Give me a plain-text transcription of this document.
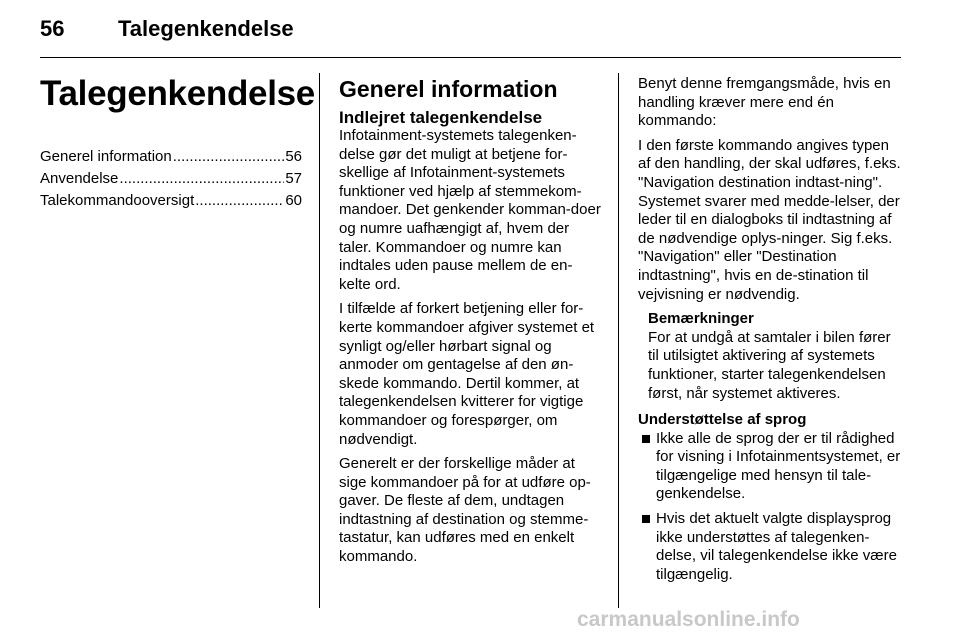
56 Talegenkendelse
Talegenkendelse
Generel information .....	56
Anvendelse .....	57
Talekommandooversigt .....	60
Generel information
Indlejret talegenkendelse

Infotainment-systemets talegenken-delse gør det muligt at betjene for-skellige af Infotainment-systemets funktioner ved hjælp af stemmekom-mandoer. Det genkender komman-doer og numre uafhængigt af, hvem der taler. Kommandoer og numre kan indtales uden pause mellem de en-kelte ord.

I tilfælde af forkert betjening eller for-kerte kommandoer afgiver systemet et synligt og/eller hørbart signal og anmoder om gentagelse af den øn-skede kommando. Dertil kommer, at talegenkendelsen kvitterer for vigtige kommandoer og forespørger, om nødvendigt.

Generelt er der forskellige måder at sige kommandoer på for at udføre op-gaver. De fleste af dem, undtagen indtastning af destination og stemme-tastatur, kan udføres med en enkelt kommando.

Benyt denne fremgangsmåde, hvis en handling kræver mere end én kommando:

I den første kommando angives typen af den handling, der skal udføres, f.eks. "Navigation destination indtast-ning". Systemet svarer med medde-lelser, der leder til en dialogboks til indtastning af de nødvendige oplys-ninger. Sig f.eks. "Navigation" eller "Destination indtastning", hvis en de-stination til vejvisning er nødvendig.

Bemærkninger
For at undgå at samtaler i bilen fører til utilsigtet aktivering af systemets funktioner, starter talegenkendelsen først, når systemet aktiveres.
Understøttelse af sprog
Ikke alle de sprog der er til rådighed for visning i Infotainmentsystemet, er tilgængelige med hensyn til tale-genkendelse.
Hvis det aktuelt valgte displaysprog ikke understøttes af talegenken-delse, vil talegenkendelse ikke være tilgængelig.
carmanualsonline.info
